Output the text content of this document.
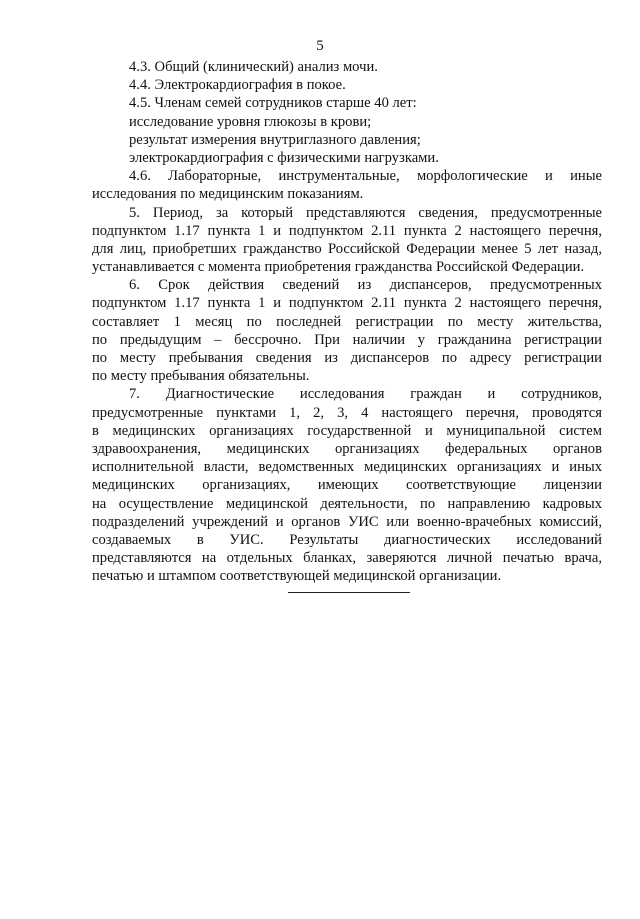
5
4.3. Общий (клинический) анализ мочи.
4.4. Электрокардиография в покое.
4.5. Членам семей сотрудников старше 40 лет:
исследование уровня глюкозы в крови;
результат измерения внутриглазного давления;
электрокардиография с физическими нагрузками.
4.6. Лабораторные, инструментальные, морфологические и иные
исследования по медицинским показаниям.
5. Период, за который представляются сведения, предусмотренные
подпунктом 1.17 пункта 1 и подпунктом 2.11 пункта 2 настоящего перечня,
для лиц, приобретших гражданство Российской Федерации менее 5 лет назад,
устанавливается с момента приобретения гражданства Российской Федерации.
6. Срок действия сведений из диспансеров, предусмотренных
подпунктом 1.17 пункта 1 и подпунктом 2.11 пункта 2 настоящего перечня,
составляет 1 месяц по последней регистрации по месту жительства,
по предыдущим – бессрочно. При наличии у гражданина регистрации
по месту пребывания сведения из диспансеров по адресу регистрации
по месту пребывания обязательны.
7. Диагностические исследования граждан и сотрудников,
предусмотренные пунктами 1, 2, 3, 4 настоящего перечня, проводятся
в медицинских организациях государственной и муниципальной систем
здравоохранения, медицинских организациях федеральных органов
исполнительной власти, ведомственных медицинских организациях и иных
медицинских организациях, имеющих соответствующие лицензии
на осуществление медицинской деятельности, по направлению кадровых
подразделений учреждений и органов УИС или военно-врачебных комиссий,
создаваемых в УИС. Результаты диагностических исследований
представляются на отдельных бланках, заверяются личной печатью врача,
печатью и штампом соответствующей медицинской организации.
